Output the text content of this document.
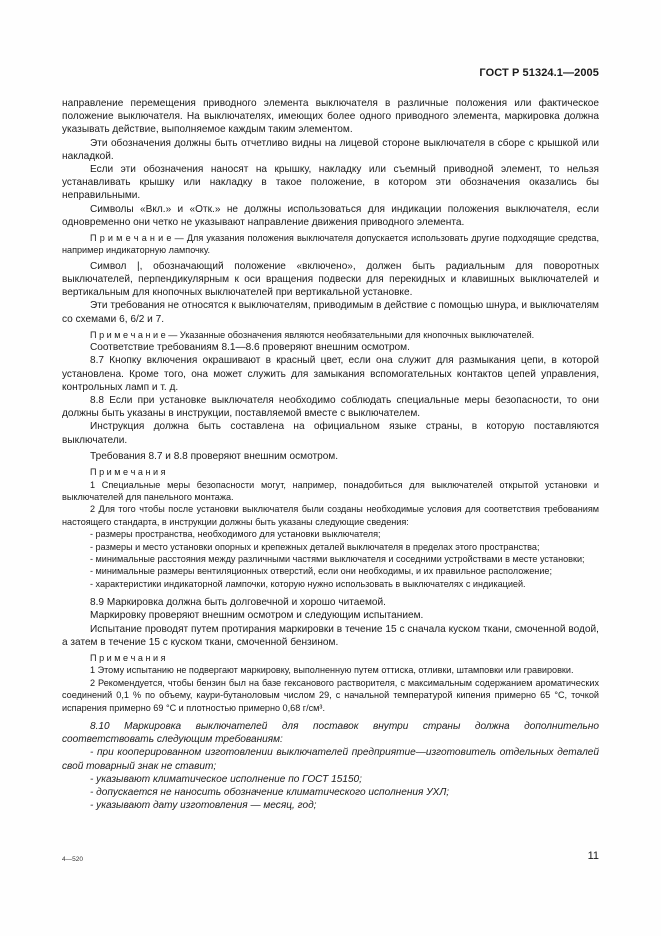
ГОСТ Р 51324.1—2005

направление перемещения приводного элемента выключателя в различные положения или фактическое положение выключателя. На выключателях, имеющих более одного приводного элемента, маркировка должна указывать действие, выполняемое каждым таким элементом.

Эти обозначения должны быть отчетливо видны на лицевой стороне выключателя в сборе с крышкой или накладкой.

Если эти обозначения наносят на крышку, накладку или съемный приводной элемент, то нельзя устанавливать крышку или накладку в такое положение, в котором эти обозначения оказались бы неправильными.

Символы «Вкл.» и «Отк.» не должны использоваться для индикации положения выключателя, если одновременно они четко не указывают направление движения приводного элемента.

П р и м е ч а н и е — Для указания положения выключателя допускается использовать другие подходящие средства, например индикаторную лампочку.

Символ |, обозначающий положение «включено», должен быть радиальным для поворотных выключателей, перпендикулярным к оси вращения подвески для перекидных и клавишных выключателей и вертикальным для кнопочных выключателей при вертикальной установке.

Эти требования не относятся к выключателям, приводимым в действие с помощью шнура, и выключателям со схемами 6, 6/2 и 7.

П р и м е ч а н и е — Указанные обозначения являются необязательными для кнопочных выключателей.

Соответствие требованиям 8.1—8.6 проверяют внешним осмотром.

8.7 Кнопку включения окрашивают в красный цвет, если она служит для размыкания цепи, в которой установлена. Кроме того, она может служить для замыкания вспомогательных контактов цепей управления, контрольных ламп и т. д.

8.8 Если при установке выключателя необходимо соблюдать специальные меры безопасности, то они должны быть указаны в инструкции, поставляемой вместе с выключателем.

Инструкция должна быть составлена на официальном языке страны, в которую поставляются выключатели.

Требования 8.7 и 8.8 проверяют внешним осмотром.

П р и м е ч а н и я

1 Специальные меры безопасности могут, например, понадобиться для выключателей открытой установки и выключателей для панельного монтажа.

2 Для того чтобы после установки выключателя были созданы необходимые условия для соответствия требованиям настоящего стандарта, в инструкции должны быть указаны следующие сведения:

- размеры пространства, необходимого для установки выключателя;

- размеры и место установки опорных и крепежных деталей выключателя в пределах этого пространства;

- минимальные расстояния между различными частями выключателя и соседними устройствами в месте установки;

- минимальные размеры вентиляционных отверстий, если они необходимы, и их правильное расположение;

- характеристики индикаторной лампочки, которую нужно использовать в выключателях с индикацией.

8.9 Маркировка должна быть долговечной и хорошо читаемой.

Маркировку проверяют внешним осмотром и следующим испытанием.

Испытание проводят путем протирания маркировки в течение 15 с сначала куском ткани, смоченной водой, а затем в течение 15 с куском ткани, смоченной бензином.

П р и м е ч а н и я

1 Этому испытанию не подвергают маркировку, выполненную путем оттиска, отливки, штамповки или гравировки.

2 Рекомендуется, чтобы бензин был на базе гексанового растворителя, с максимальным содержанием ароматических соединений 0,1 % по объему, каури-бутаноловым числом 29, с начальной температурой кипения примерно 65 °С, точкой испарения примерно 69 °С и плотностью примерно 0,68 г/см³.

8.10 Маркировка выключателей для поставок внутри страны должна дополнительно соответствовать следующим требованиям:

- при кооперированном изготовлении выключателей предприятие—изготовитель отдельных деталей свой товарный знак не ставит;

- указывают климатическое исполнение по ГОСТ 15150;

- допускается не наносить обозначение климатического исполнения УХЛ;

- указывают дату изготовления — месяц, год;

4—520	11
